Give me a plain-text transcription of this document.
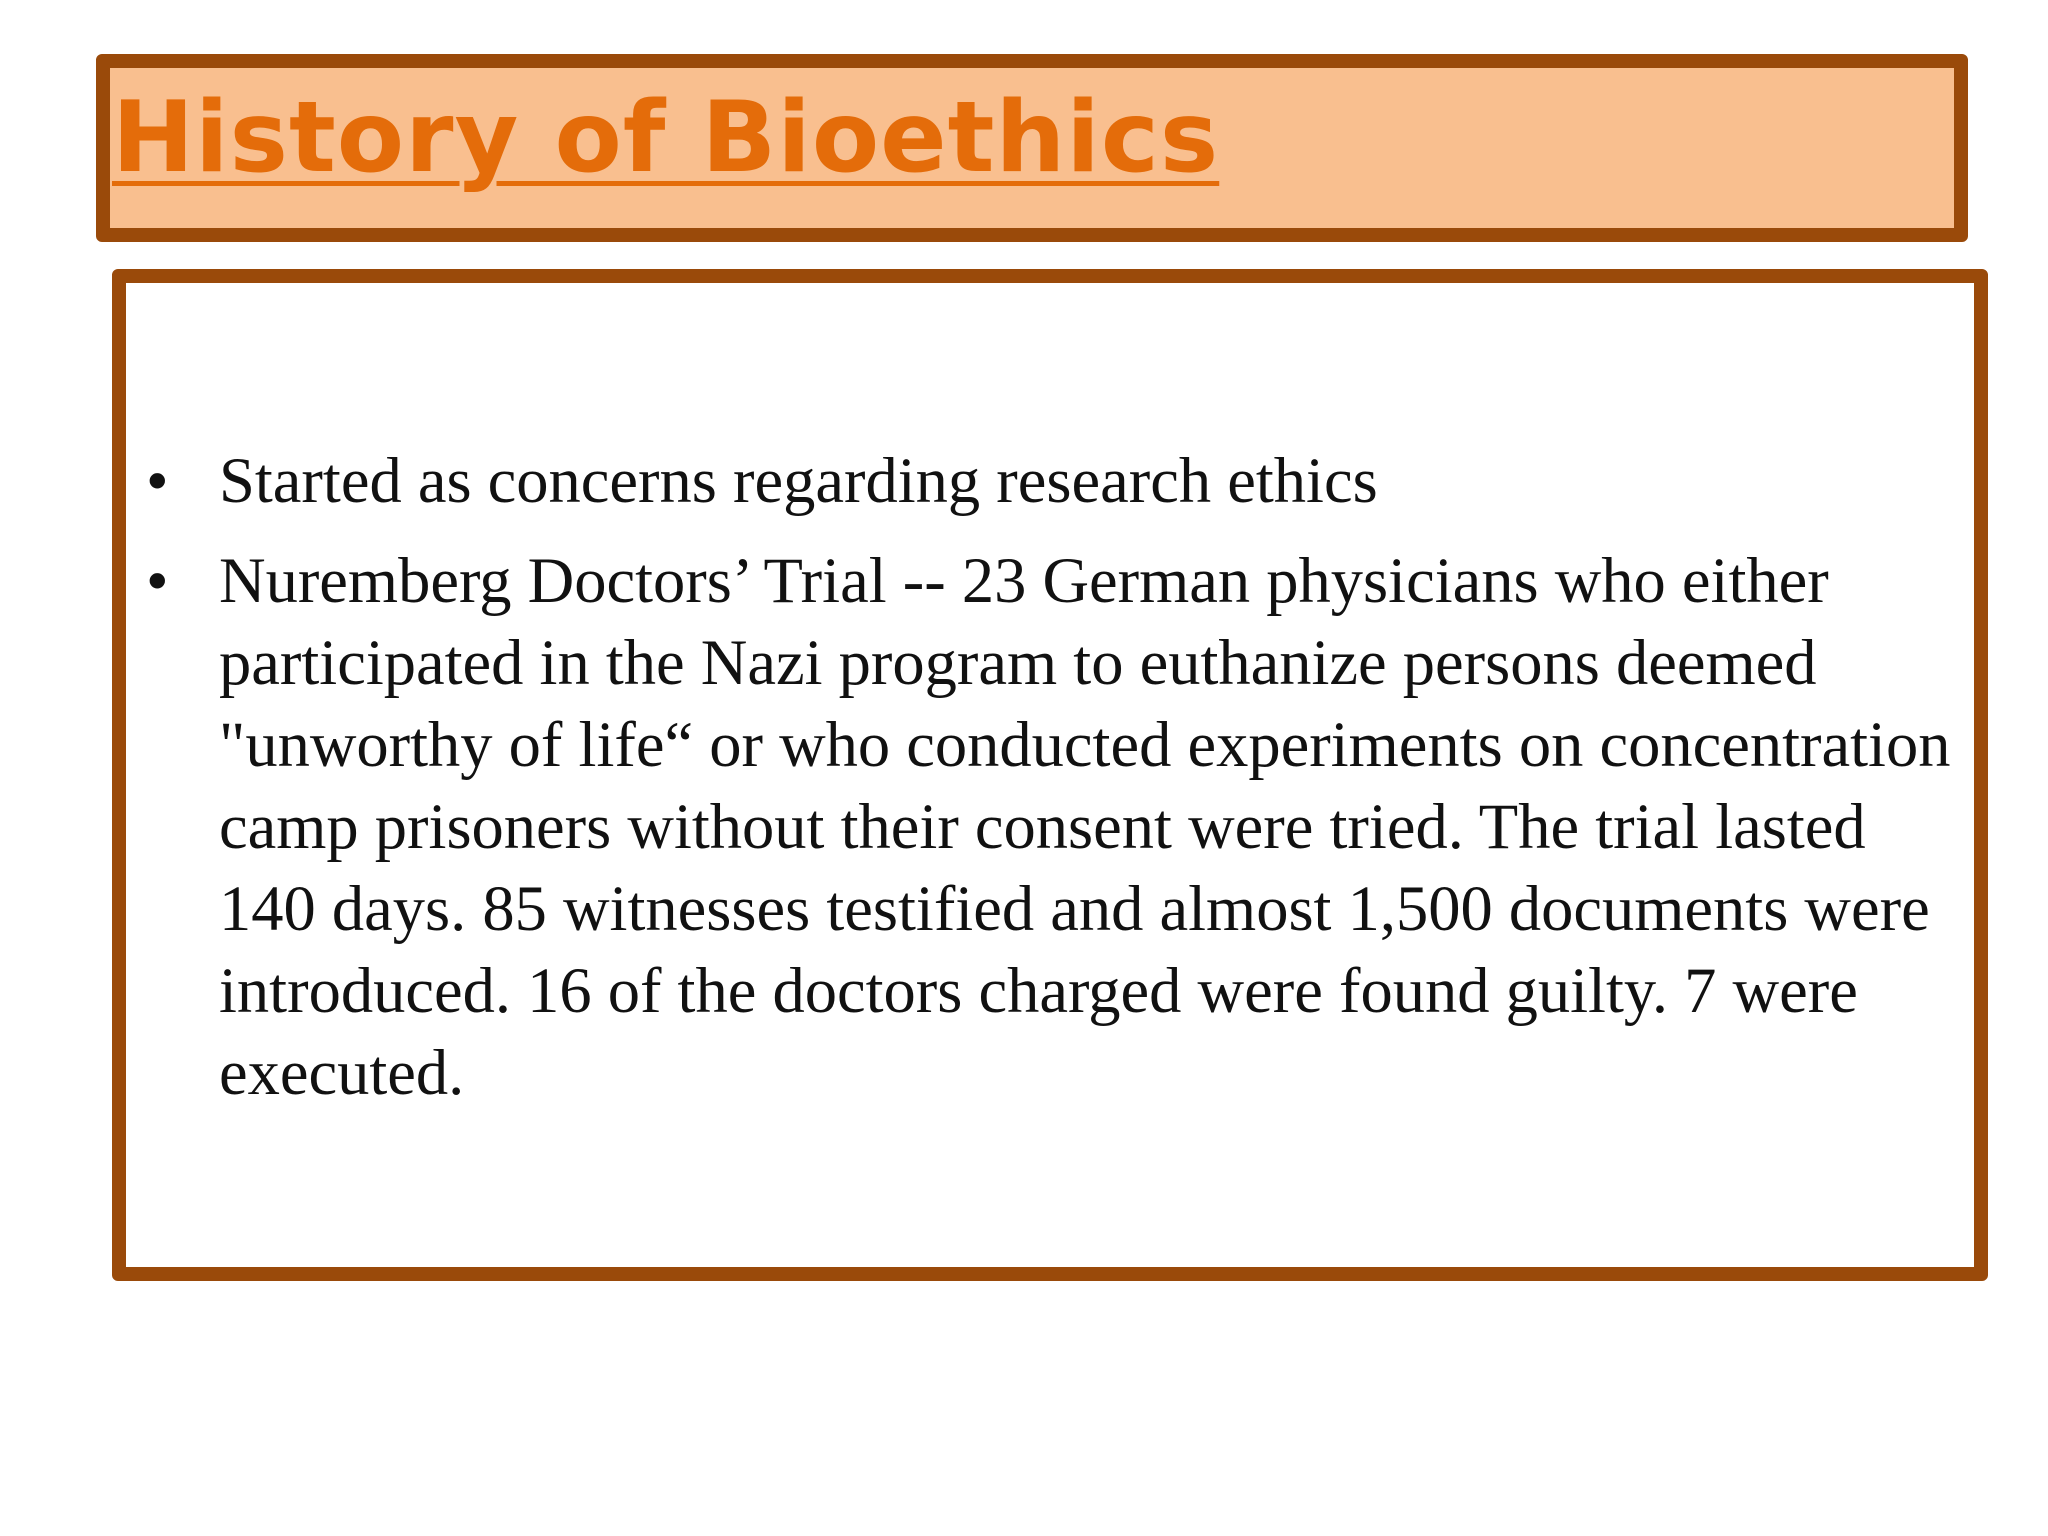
History of Bioethics
• Started as concerns regarding research ethics
• Nuremberg Doctors’ Trial -- 23 German physicians who either participated in the Nazi program to euthanize persons deemed "unworthy of life“ or who conducted experiments on concentration camp prisoners without their consent were tried. The trial lasted 140 days. 85 witnesses testified and almost 1,500 documents were introduced. 16 of the doctors charged were found guilty. 7 were executed.
